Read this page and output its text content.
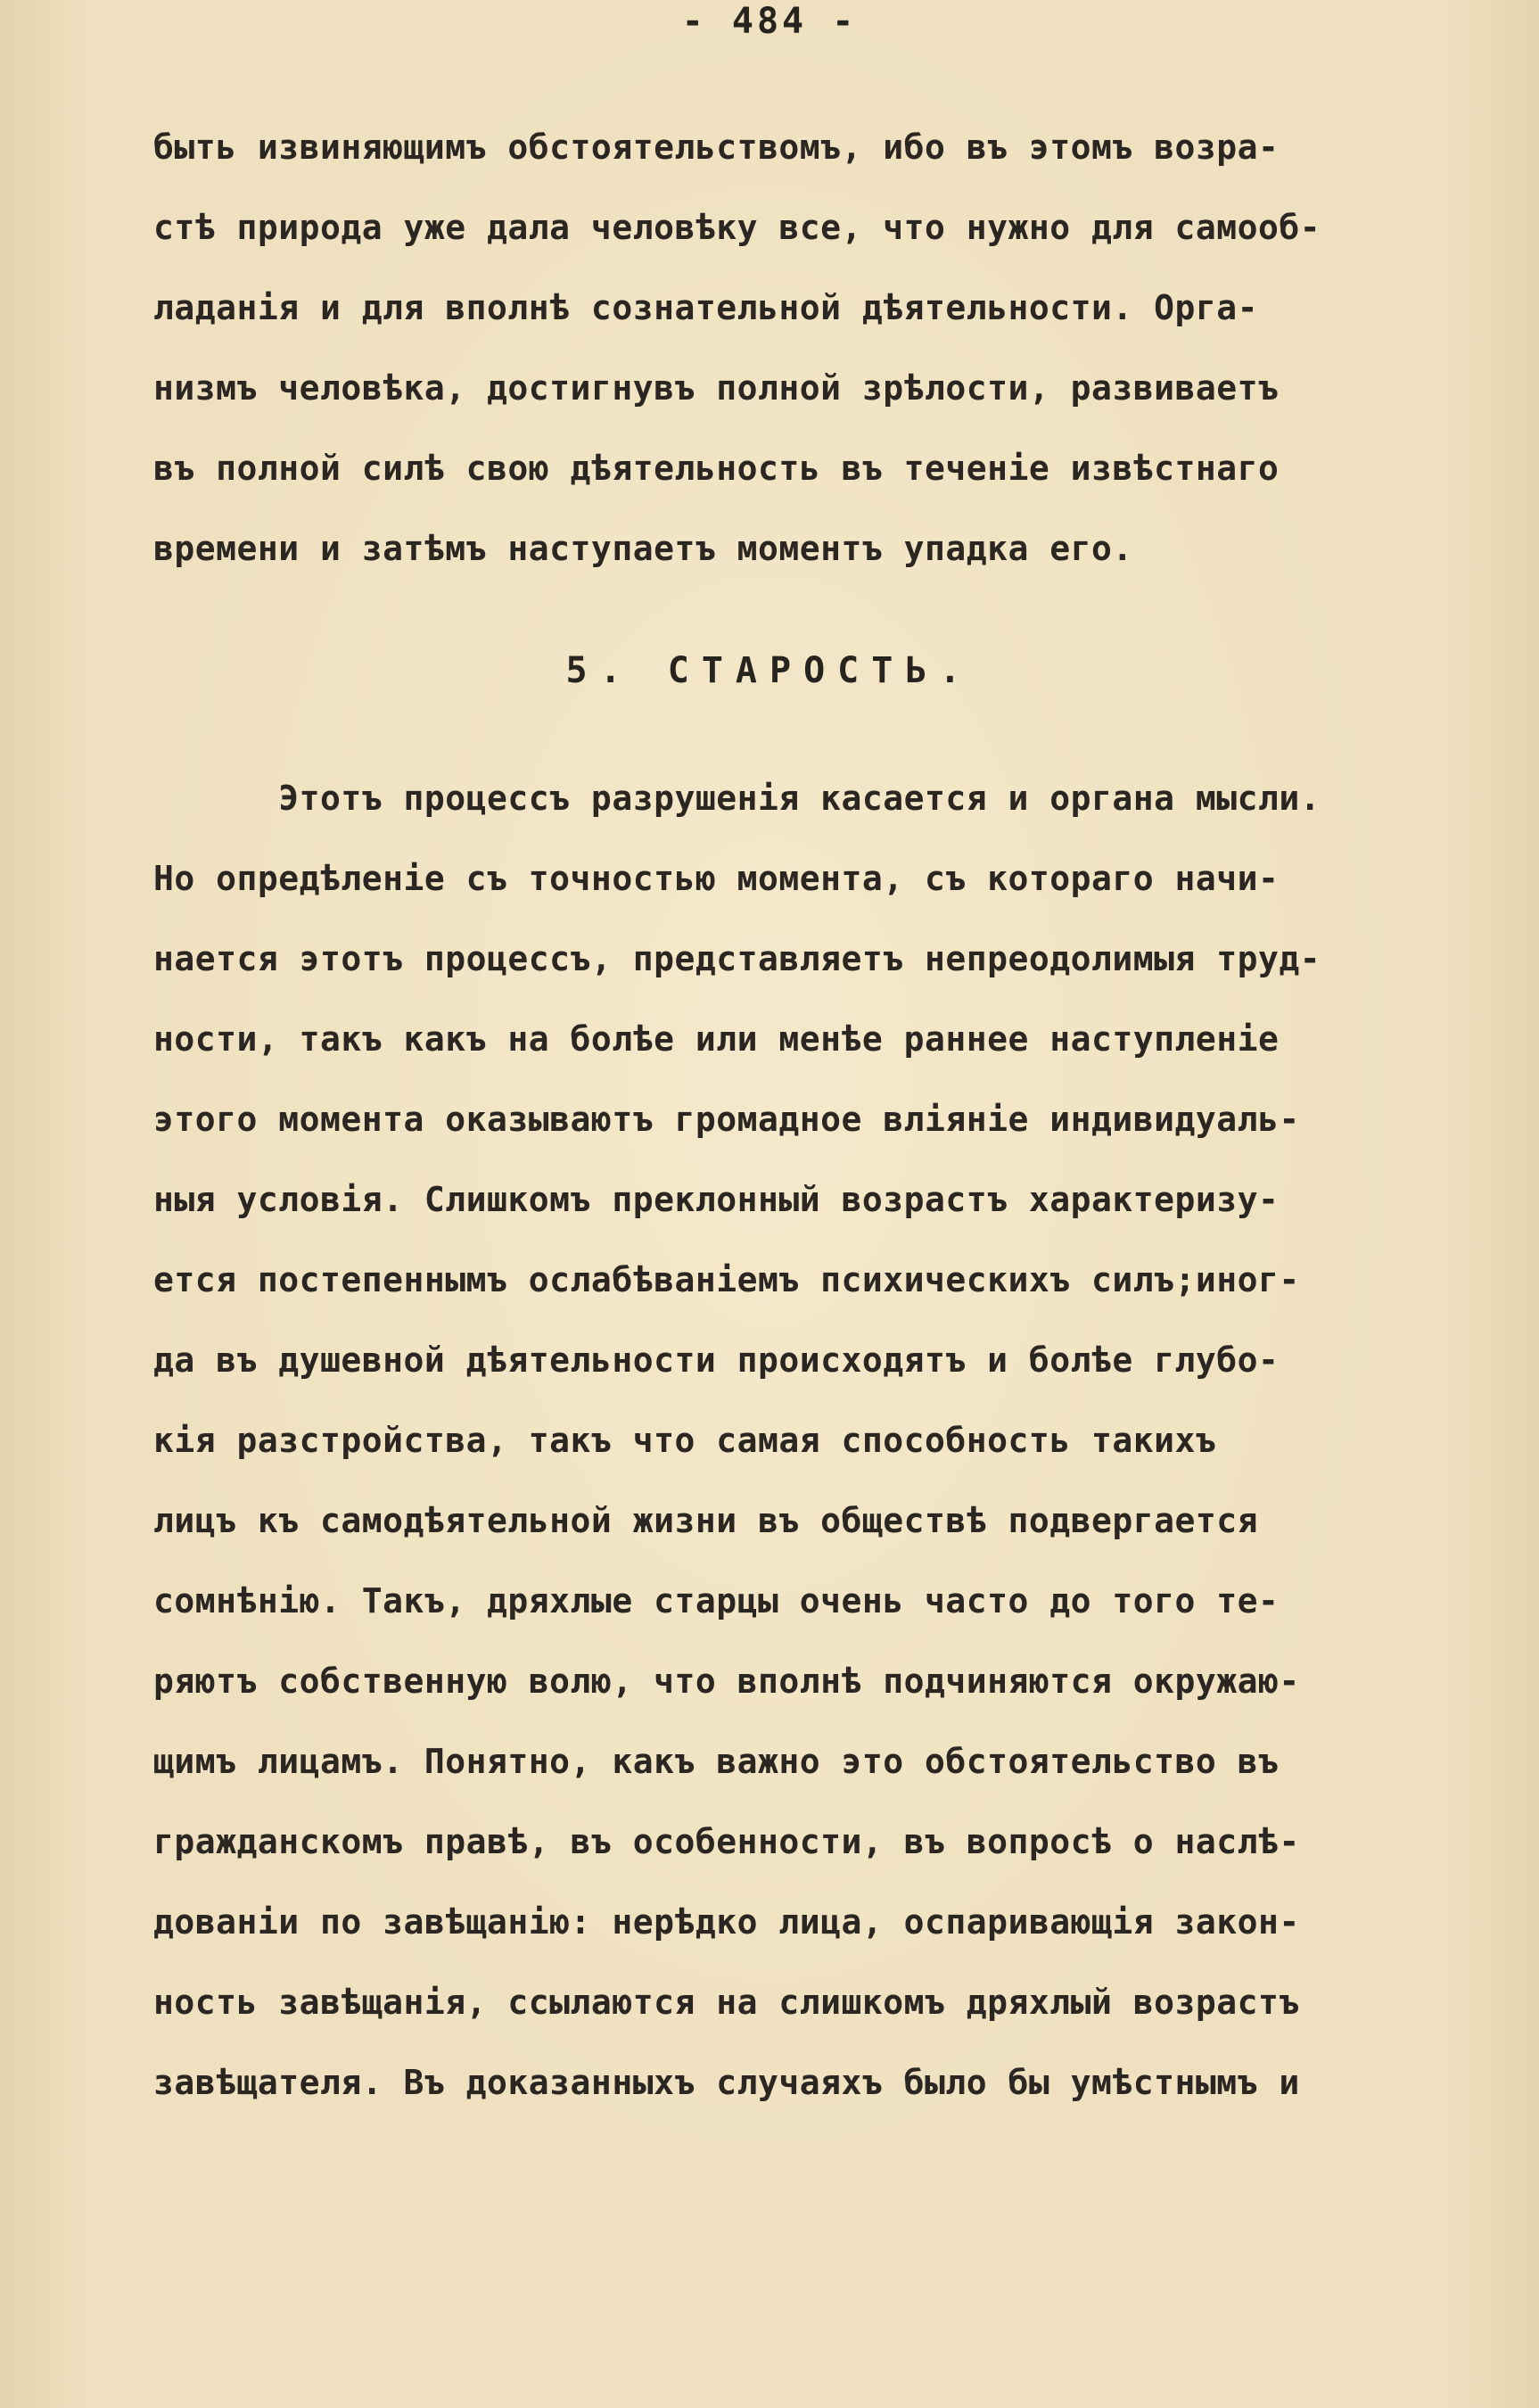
- 484 -
быть извиняющимъ обстоятельствомъ, ибо въ этомъ возра-
стѣ природа уже дала человѣку все, что нужно для самооб-
ладанія и для вполнѣ сознательной дѣятельности. Орга-
низмъ человѣка, достигнувъ полной зрѣлости, развиваетъ
въ полной силѣ свою дѣятельность въ теченіе извѣстнаго
времени и затѣмъ наступаетъ моментъ упадка его.
5. СТАРОСТЬ.
Этотъ процессъ разрушенія касается и органа мысли.
Но опредѣленіе съ точностью момента, съ котораго начи-
нается этотъ процессъ, представляетъ непреодолимыя труд-
ности, такъ какъ на болѣе или менѣе раннее наступленіе
этого момента оказываютъ громадное вліяніе индивидуаль-
ныя условія. Слишкомъ преклонный возрастъ характеризу-
ется постепеннымъ ослабѣваніемъ психическихъ силъ;иног-
да въ душевной дѣятельности происходятъ и болѣе глубо-
кія разстройства, такъ что самая способность такихъ
лицъ къ самодѣятельной жизни въ обществѣ подвергается
сомнѣнію. Такъ, дряхлые старцы очень часто до того те-
ряютъ собственную волю, что вполнѣ подчиняются окружаю-
щимъ лицамъ. Понятно, какъ важно это обстоятельство въ
гражданскомъ правѣ, въ особенности, въ вопросѣ о наслѣ-
дованіи по завѣщанію: нерѣдко лица, оспаривающія закон-
ность завѣщанія, ссылаются на слишкомъ дряхлый возрастъ
завѣщателя. Въ доказанныхъ случаяхъ было бы умѣстнымъ и
